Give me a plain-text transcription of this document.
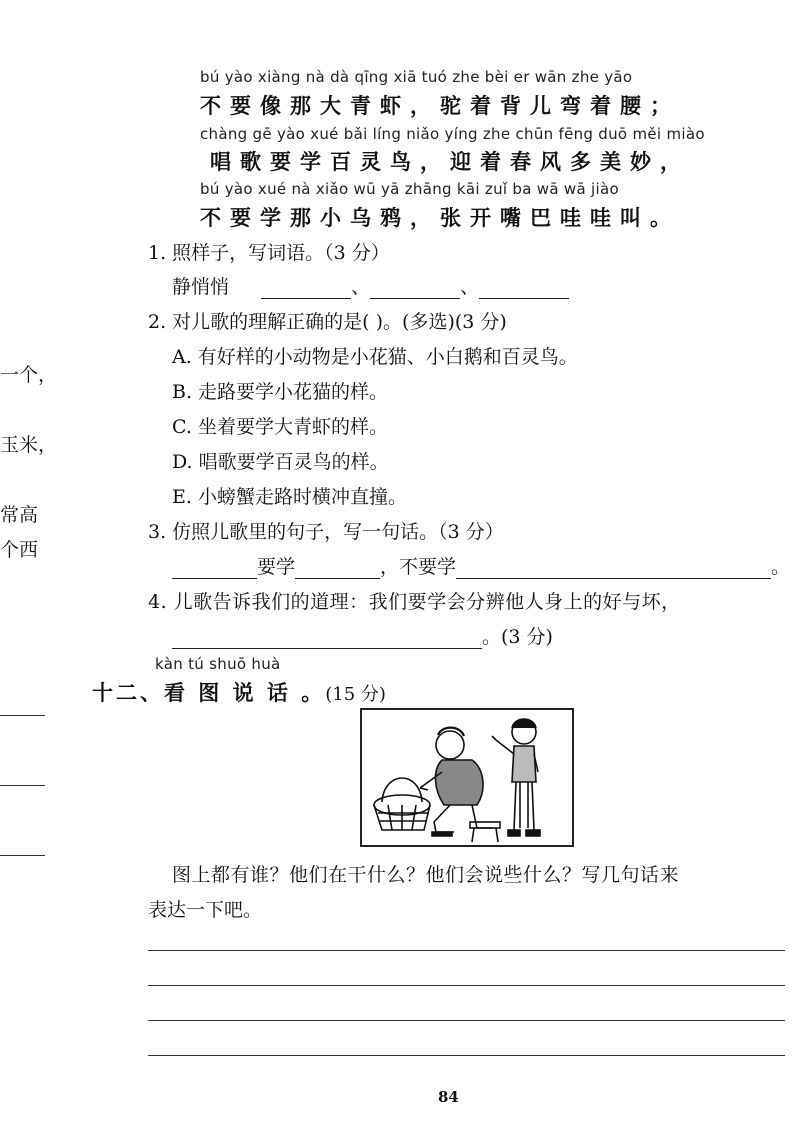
一个，
玉米，
常高
个西
bú yào xiàng nà dà qīng xiā tuó zhe bèi er wān zhe yāo
不要像那大青虾，驼着背儿弯着腰；
chàng gē yào xué bǎi líng niǎo yíng zhe chūn fēng duō měi miào
唱歌要学百灵鸟，迎着春风多美妙，
bú yào xué nà xiǎo wū yā zhāng kāi zuǐ ba wā wā jiào
不要学那小乌鸦，张开嘴巴哇哇叫。
1. 照样子，写词语。（3 分）
静悄悄	、	、
2. 对儿歌的理解正确的是( )。(多选)(3 分)
A. 有好样的小动物是小花猫、小白鹅和百灵鸟。
B. 走路要学小花猫的样。
C. 坐着要学大青虾的样。
D. 唱歌要学百灵鸟的样。
E. 小螃蟹走路时横冲直撞。
3. 仿照儿歌里的句子，写一句话。（3 分）
要学	，不要学	。
4. 儿歌告诉我们的道理：我们要学会分辨他人身上的好与坏，
。(3 分)
kàn tú shuō huà
十二、看 图 说 话 。(15 分)
图上都有谁？他们在干什么？他们会说些什么？写几句话来
表达一下吧。
84
